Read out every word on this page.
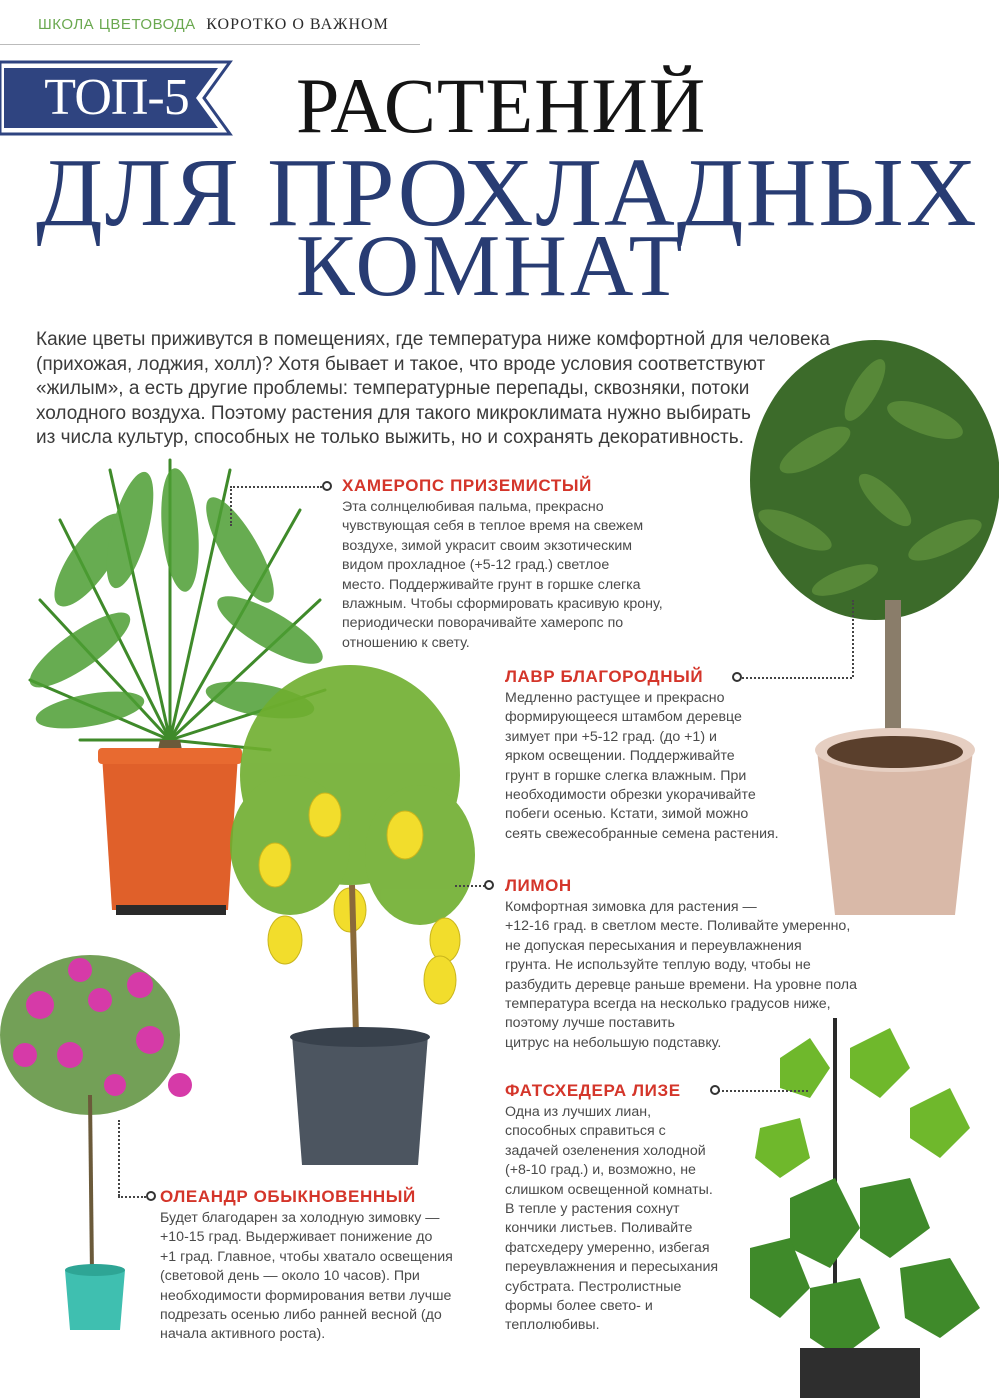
ШКОЛА ЦВЕТОВОДА КОРОТКО О ВАЖНОМ
ТОП-5	РАСТЕНИЙ
ДЛЯ ПРОХЛАДНЫХ
КОМНАТ

Какие цветы приживутся в помещениях, где температура ниже комфортной для человека

(прихожая, лоджия, холл)? Хотя бывает и такое, что вроде условия соответствуют

«жилым», а есть другие проблемы: температурные перепады, сквозняки, потоки

холодного воздуха. Поэтому растения для такого микроклимата нужно выбирать

из числа культур, способных не только выжить, но и сохранять декоративность.

ХАМЕРОПС ПРИЗЕМИСТЫЙ

Эта солнцелюбивая пальма, прекрасно

чувствующая себя в теплое время на свежем

воздухе, зимой украсит своим экзотическим

видом прохладное (+5-12 град.) светлое

место. Поддерживайте грунт в горшке слегка

влажным. Чтобы сформировать красивую крону,

периодически поворачивайте хамеропс по

отношению к свету.

ЛАВР БЛАГОРОДНЫЙ

Медленно растущее и прекрасно

формирующееся штамбом деревце

зимует при +5-12 град. (до +1) и

ярком освещении. Поддерживайте

грунт в горшке слегка влажным. При

необходимости обрезки укорачивайте

побеги осенью. Кстати, зимой можно

сеять свежесобранные семена растения.

ЛИМОН

Комфортная зимовка для растения —

+12-16 град. в светлом месте. Поливайте умеренно,

не допуская пересыхания и переувлажнения

грунта. Не используйте теплую воду, чтобы не

разбудить деревце раньше времени. На уровне пола

температура всегда на несколько градусов ниже,

поэтому лучше поставить

цитрус на небольшую подставку.

ФАТСХЕДЕРА ЛИЗЕ

Одна из лучших лиан,

способных справиться с

задачей озеленения холодной

(+8-10 град.) и, возможно, не

слишком освещенной комнаты.

В тепле у растения сохнут

кончики листьев. Поливайте

фатсхедеру умеренно, избегая

переувлажнения и пересыхания

субстрата. Пестролистные

формы более свето- и

теплолюбивы.

ОЛЕАНДР ОБЫКНОВЕННЫЙ

Будет благодарен за холодную зимовку —

+10-15 град. Выдерживает понижение до

+1 град. Главное, чтобы хватало освещения

(световой день — около 10 часов). При

необходимости формирования ветви лучше

подрезать осенью либо ранней весной (до

начала активного роста).
